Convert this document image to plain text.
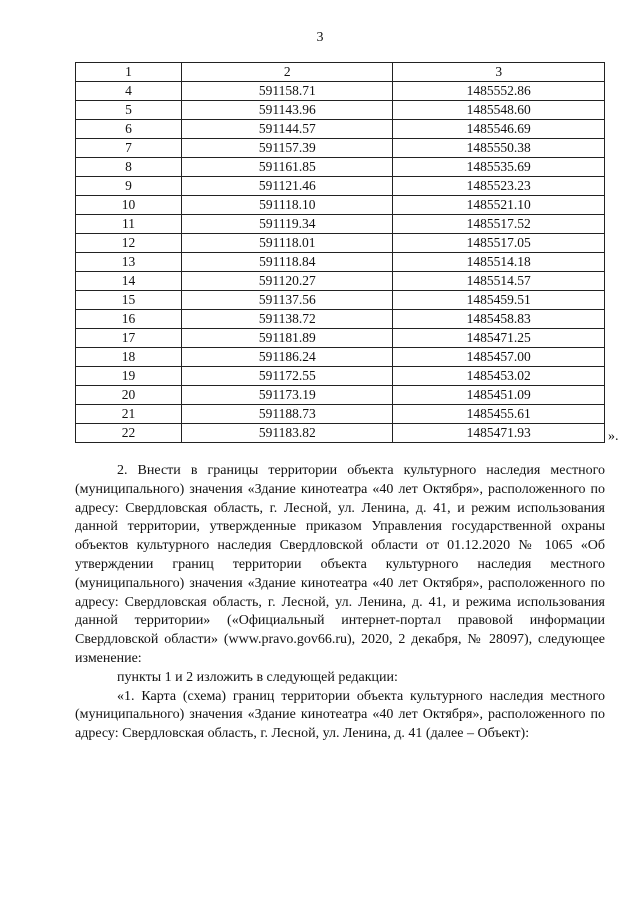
3
1	2	3
4	591158.71	1485552.86
5	591143.96	1485548.60
6	591144.57	1485546.69
7	591157.39	1485550.38
8	591161.85	1485535.69
9	591121.46	1485523.23
10	591118.10	1485521.10
11	591119.34	1485517.52
12	591118.01	1485517.05
13	591118.84	1485514.18
14	591120.27	1485514.57
15	591137.56	1485459.51
16	591138.72	1485458.83
17	591181.89	1485471.25
18	591186.24	1485457.00
19	591172.55	1485453.02
20	591173.19	1485451.09
21	591188.73	1485455.61
22	591183.82	1485471.93	».

2. Внести в границы территории объекта культурного наследия местного (муниципального) значения «Здание кинотеатра «40 лет Октября», расположенного по адресу: Свердловская область, г. Лесной, ул. Ленина, д. 41, и режим использования данной территории, утвержденные приказом Управления государственной охраны объектов культурного наследия Свердловской области от 01.12.2020 № 1065 «Об утверждении границ территории объекта культурного наследия местного (муниципального) значения «Здание кинотеатра «40 лет Октября», расположенного по адресу: Свердловская область, г. Лесной, ул. Ленина, д. 41, и режима использования данной территории» («Официальный интернет-портал правовой информации Свердловской области» (www.pravo.gov66.ru), 2020, 2 декабря, № 28097), следующее изменение:

пункты 1 и 2 изложить в следующей редакции:

«1. Карта (схема) границ территории объекта культурного наследия местного (муниципального) значения «Здание кинотеатра «40 лет Октября», расположенного по адресу: Свердловская область, г. Лесной, ул. Ленина, д. 41 (далее – Объект):
